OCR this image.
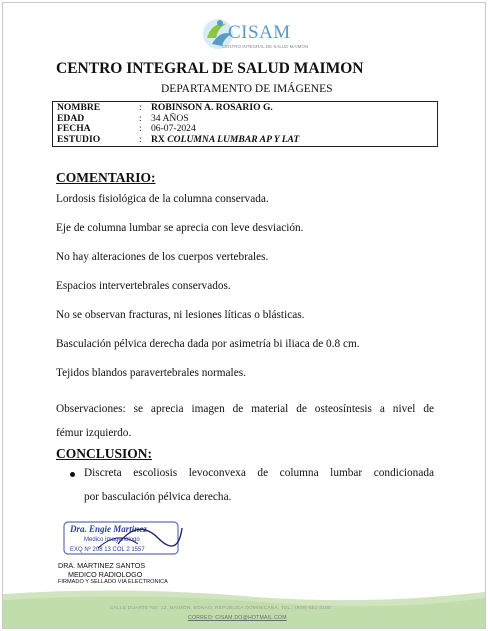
CISAM
CENTRO INTEGRAL DE SALUD MAIMON
CENTRO INTEGRAL DE SALUD MAIMON
DEPARTAMENTO DE IMÁGENES
NOMBRE	: ROBINSON A. ROSARIO G.
EDAD	: 34 AÑOS
FECHA	: 06-07-2024
ESTUDIO	: RX COLUMNA LUMBAR AP Y LAT
COMENTARIO:
Lordosis fisiológica de la columna conservada.
Eje de columna lumbar se aprecia con leve desviación.
No hay alteraciones de los cuerpos vertebrales.
Espacios intervertebrales conservados.
No se observan fracturas, ni lesiones líticas o blásticas.
Basculación pélvica derecha dada por asimetría bi iliaca de 0.8 cm.
Tejidos blandos paravertebrales normales.
Observaciones: se aprecia imagen de material de osteosíntesis a nivel de
fémur izquierdo.
CONCLUSION:
Discreta escoliosis levoconvexa de columna lumbar condicionada
por basculación pélvica derecha.
Dra. Engie Martinez
Medico Imagenólogo
EXQ Nº 208 13 COL 2 1557
DRA. MARTINEZ SANTOS
MEDICO RADIOLOGO
FIRMADO Y SELLADO VIA ELECTRONICA
CALLE DUARTE NO. 12, MAIMÓN, BONAO, REPUBLICA DOMINICANA, TEL.: (809)-551-2100
CORREO: CISAM.DO@HOTMAIL.COM
